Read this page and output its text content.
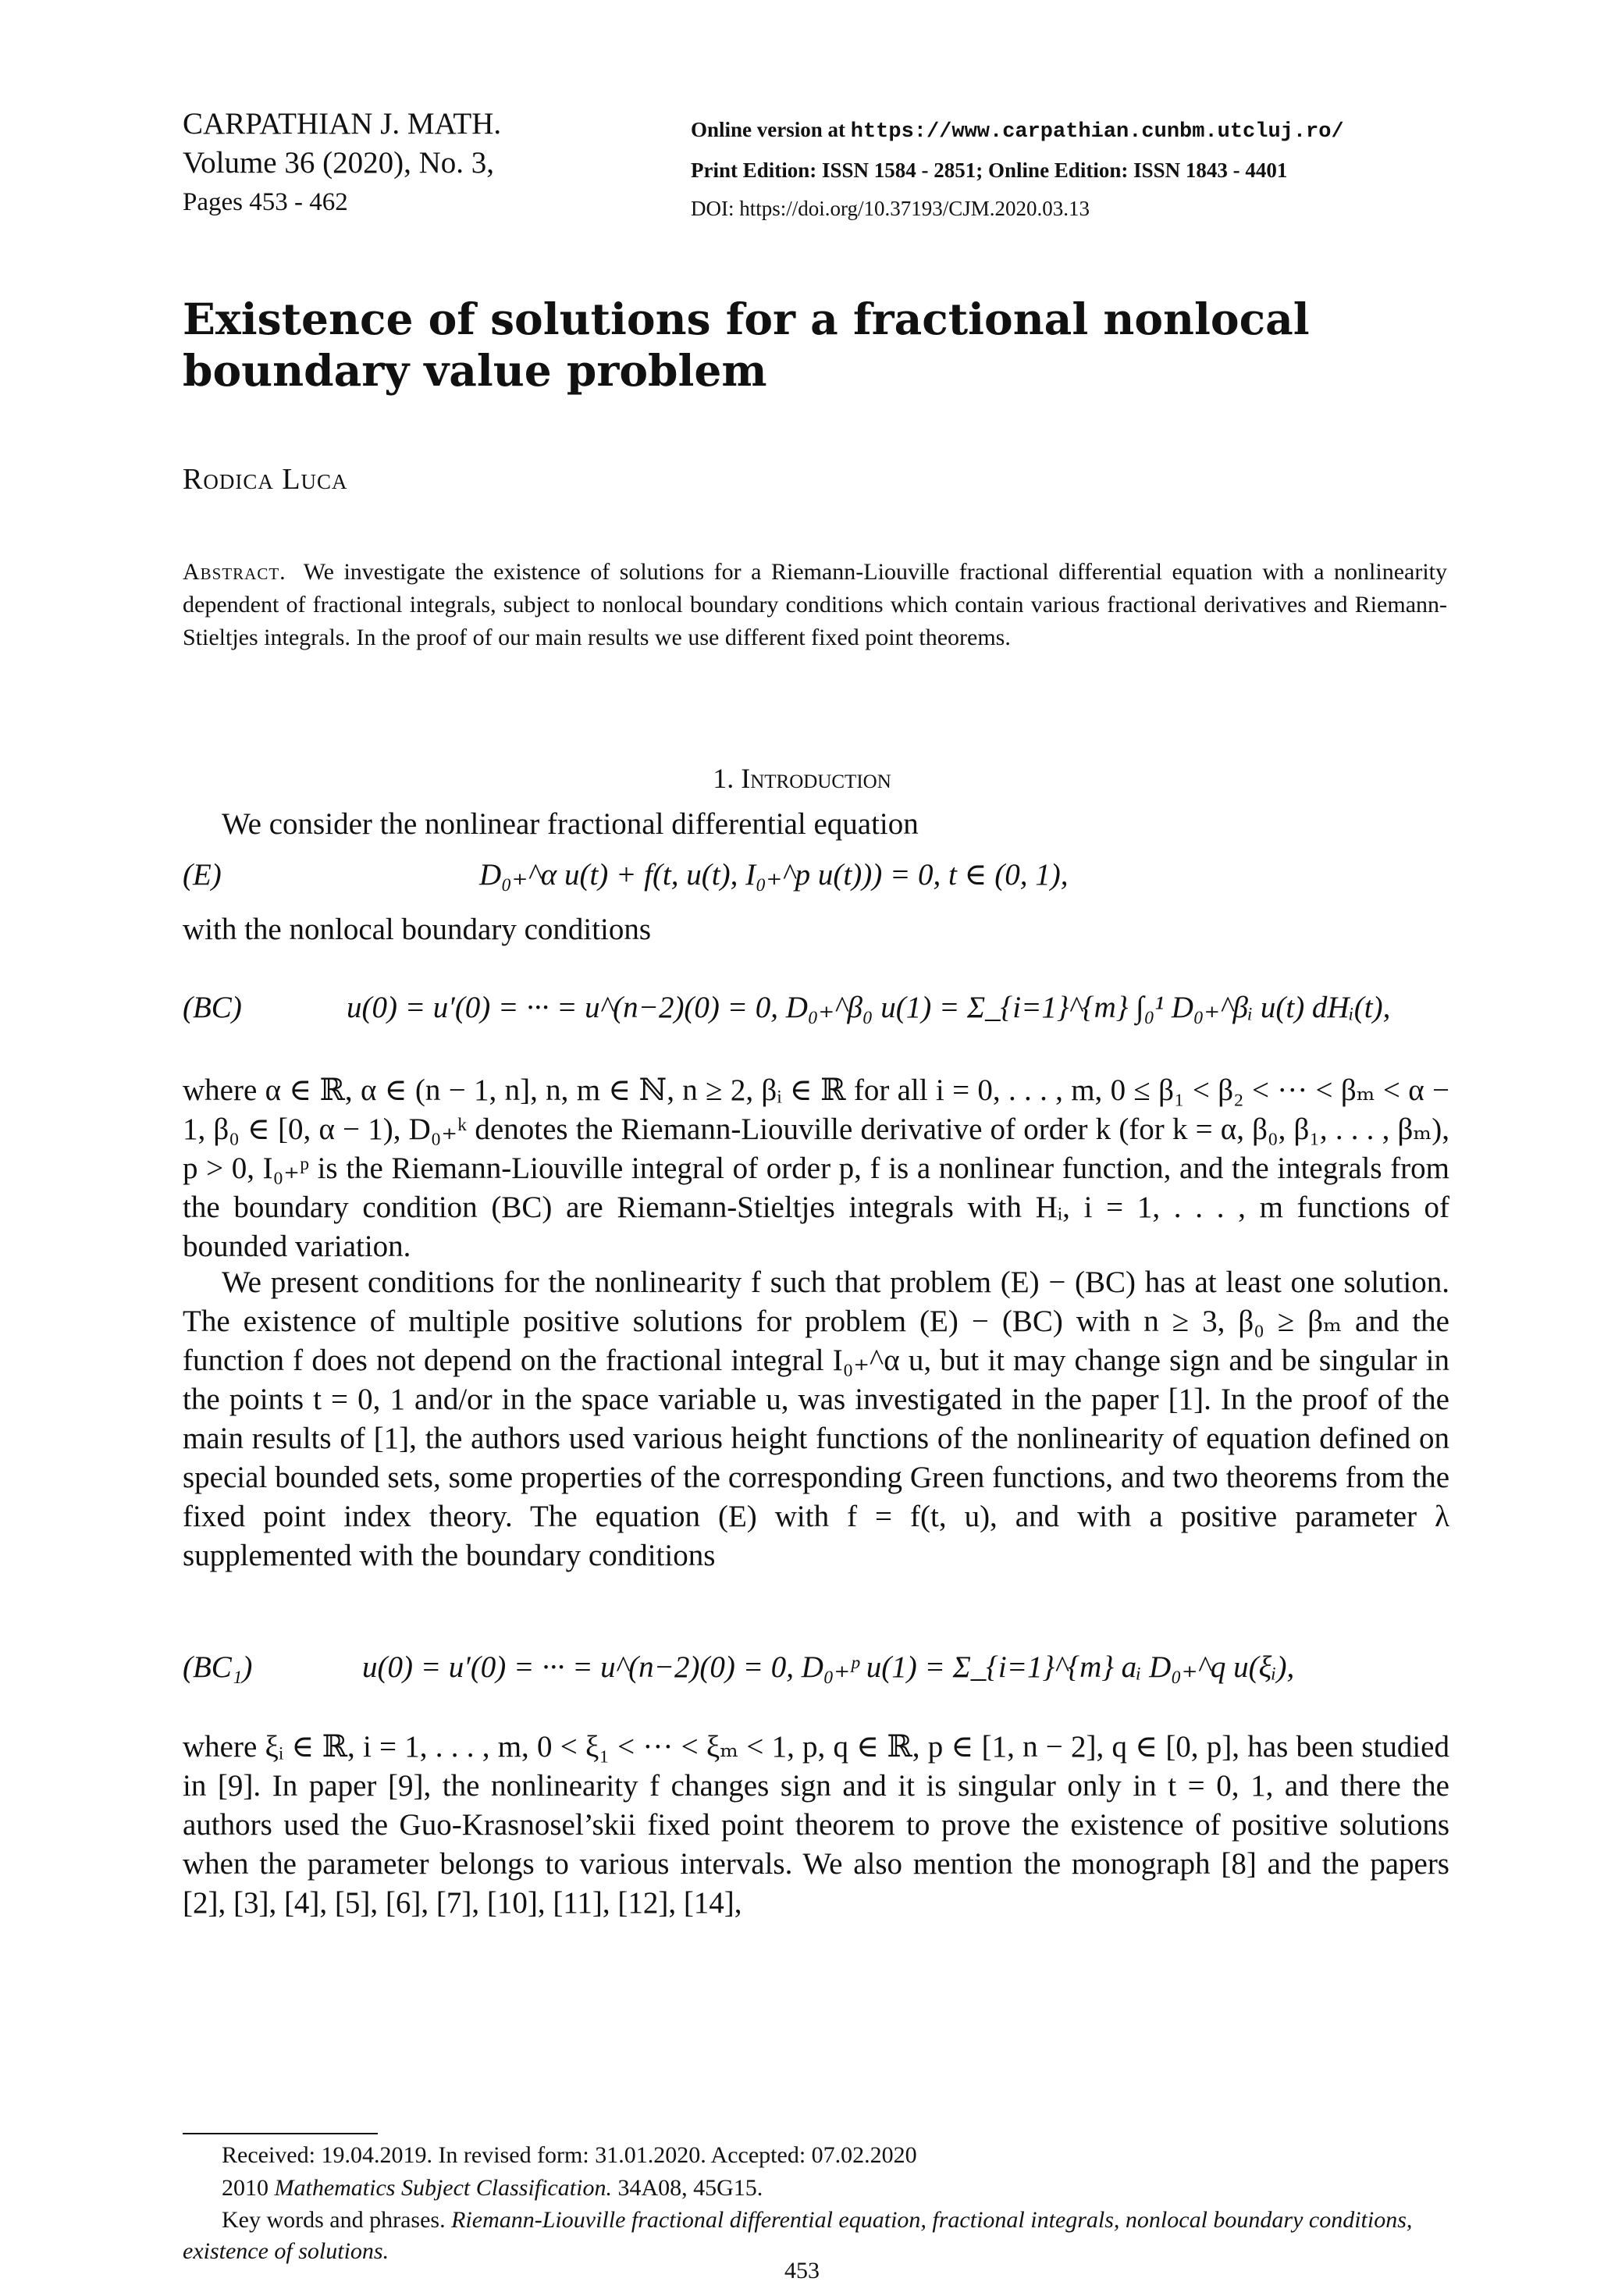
CARPATHIAN J. MATH.
Volume 36 (2020), No. 3,
Pages 453 - 462
Online version at https://www.carpathian.cunbm.utcluj.ro/
Print Edition: ISSN 1584 - 2851; Online Edition: ISSN 1843 - 4401
DOI: https://doi.org/10.37193/CJM.2020.03.13
Existence of solutions for a fractional nonlocal boundary value problem
Rodica Luca
Abstract. We investigate the existence of solutions for a Riemann-Liouville fractional differential equation with a nonlinearity dependent of fractional integrals, subject to nonlocal boundary conditions which contain various fractional derivatives and Riemann-Stieltjes integrals. In the proof of our main results we use different fixed point theorems.
1. Introduction
We consider the nonlinear fractional differential equation
(E)	D₀₊^α u(t) + f(t, u(t), I₀₊^p u(t))) = 0, t ∈ (0, 1),
with the nonlocal boundary conditions
(BC)	u(0) = u′(0) = ··· = u^(n−2)(0) = 0, D₀₊^β₀ u(1) = Σ_{i=1}^{m} ∫₀¹ D₀₊^βᵢ u(t) dHᵢ(t),
where α ∈ ℝ, α ∈ (n − 1, n], n, m ∈ ℕ, n ≥ 2, βᵢ ∈ ℝ for all i = 0, . . . , m, 0 ≤ β₁ < β₂ < ··· < βₘ < α − 1, β₀ ∈ [0, α − 1), D₀₊ᵏ denotes the Riemann-Liouville derivative of order k (for k = α, β₀, β₁, . . . , βₘ), p > 0, I₀₊ᵖ is the Riemann-Liouville integral of order p, f is a nonlinear function, and the integrals from the boundary condition (BC) are Riemann-Stieltjes integrals with Hᵢ, i = 1, . . . , m functions of bounded variation.
We present conditions for the nonlinearity f such that problem (E) − (BC) has at least one solution. The existence of multiple positive solutions for problem (E) − (BC) with n ≥ 3, β₀ ≥ βₘ and the function f does not depend on the fractional integral I₀₊^α u, but it may change sign and be singular in the points t = 0, 1 and/or in the space variable u, was investigated in the paper [1]. In the proof of the main results of [1], the authors used various height functions of the nonlinearity of equation defined on special bounded sets, some properties of the corresponding Green functions, and two theorems from the fixed point index theory. The equation (E) with f = f(t, u), and with a positive parameter λ supplemented with the boundary conditions
(BC₁)	u(0) = u′(0) = ··· = u^(n−2)(0) = 0, D₀₊ᵖ u(1) = Σ_{i=1}^{m} aᵢ D₀₊^q u(ξᵢ),
where ξᵢ ∈ ℝ, i = 1, . . . , m, 0 < ξ₁ < ··· < ξₘ < 1, p, q ∈ ℝ, p ∈ [1, n − 2], q ∈ [0, p], has been studied in [9]. In paper [9], the nonlinearity f changes sign and it is singular only in t = 0, 1, and there the authors used the Guo-Krasnosel’skii fixed point theorem to prove the existence of positive solutions when the parameter belongs to various intervals. We also mention the monograph [8] and the papers [2], [3], [4], [5], [6], [7], [10], [11], [12], [14],
Received: 19.04.2019. In revised form: 31.01.2020. Accepted: 07.02.2020
2010 Mathematics Subject Classification. 34A08, 45G15.
Key words and phrases. Riemann-Liouville fractional differential equation, fractional integrals, nonlocal boundary conditions, existence of solutions.
453
